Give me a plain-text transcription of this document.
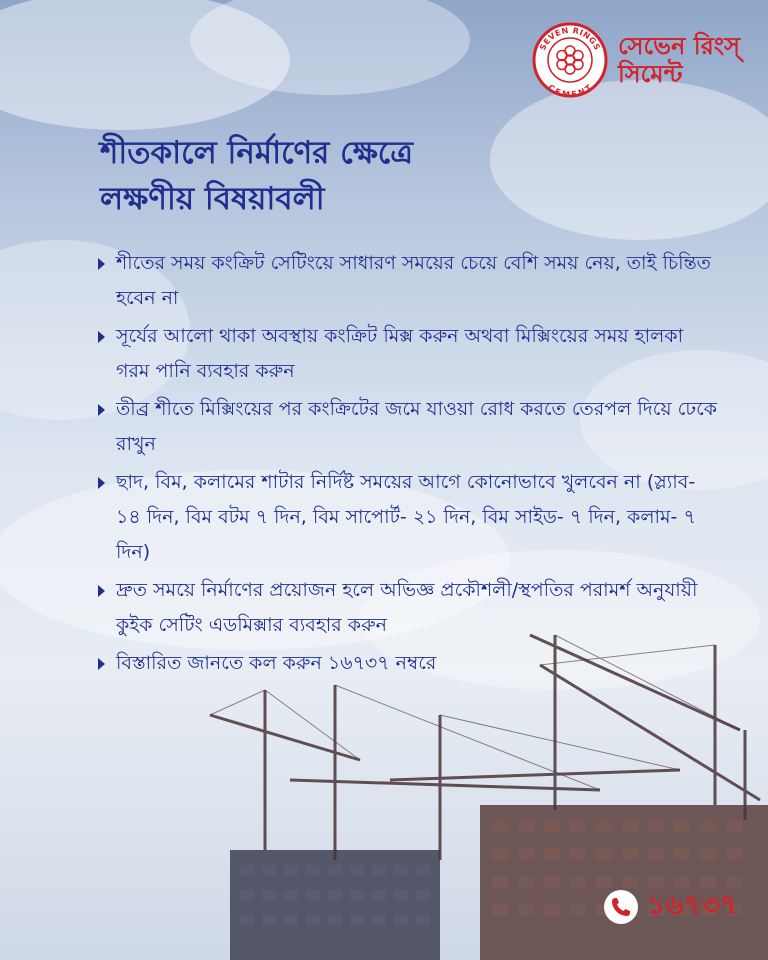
SEVEN RINGS
CEMENT
সেভেন রিংস্
সিমেন্ট
শীতকালে নির্মাণের ক্ষেত্রে
লক্ষণীয় বিষয়াবলী
শীতের সময় কংক্রিট সেটিংয়ে সাধারণ সময়ের চেয়ে বেশি সময় নেয়, তাই চিন্তিত হবেন না
সূর্যের আলো থাকা অবস্থায় কংক্রিট মিক্স করুন অথবা মিক্সিংয়ের সময় হালকা গরম পানি ব্যবহার করুন
তীব্র শীতে মিক্সিংয়ের পর কংক্রিটের জমে যাওয়া রোধ করতে তেরপল দিয়ে ঢেকে রাখুন
ছাদ, বিম, কলামের শাটার নির্দিষ্ট সময়ের আগে কোনোভাবে খুলবেন না (স্ল্যাব- ১৪ দিন, বিম বটম ৭ দিন, বিম সাপোর্ট- ২১ দিন, বিম সাইড- ৭ দিন, কলাম- ৭ দিন)
দ্রুত সময়ে নির্মাণের প্রয়োজন হলে অভিজ্ঞ প্রকৌশলী/স্থপতির পরামর্শ অনুযায়ী কুইক সেটিং এডমিক্সার ব্যবহার করুন
বিস্তারিত জানতে কল করুন ১৬৭৩৭ নম্বরে
১৬৭৩৭
